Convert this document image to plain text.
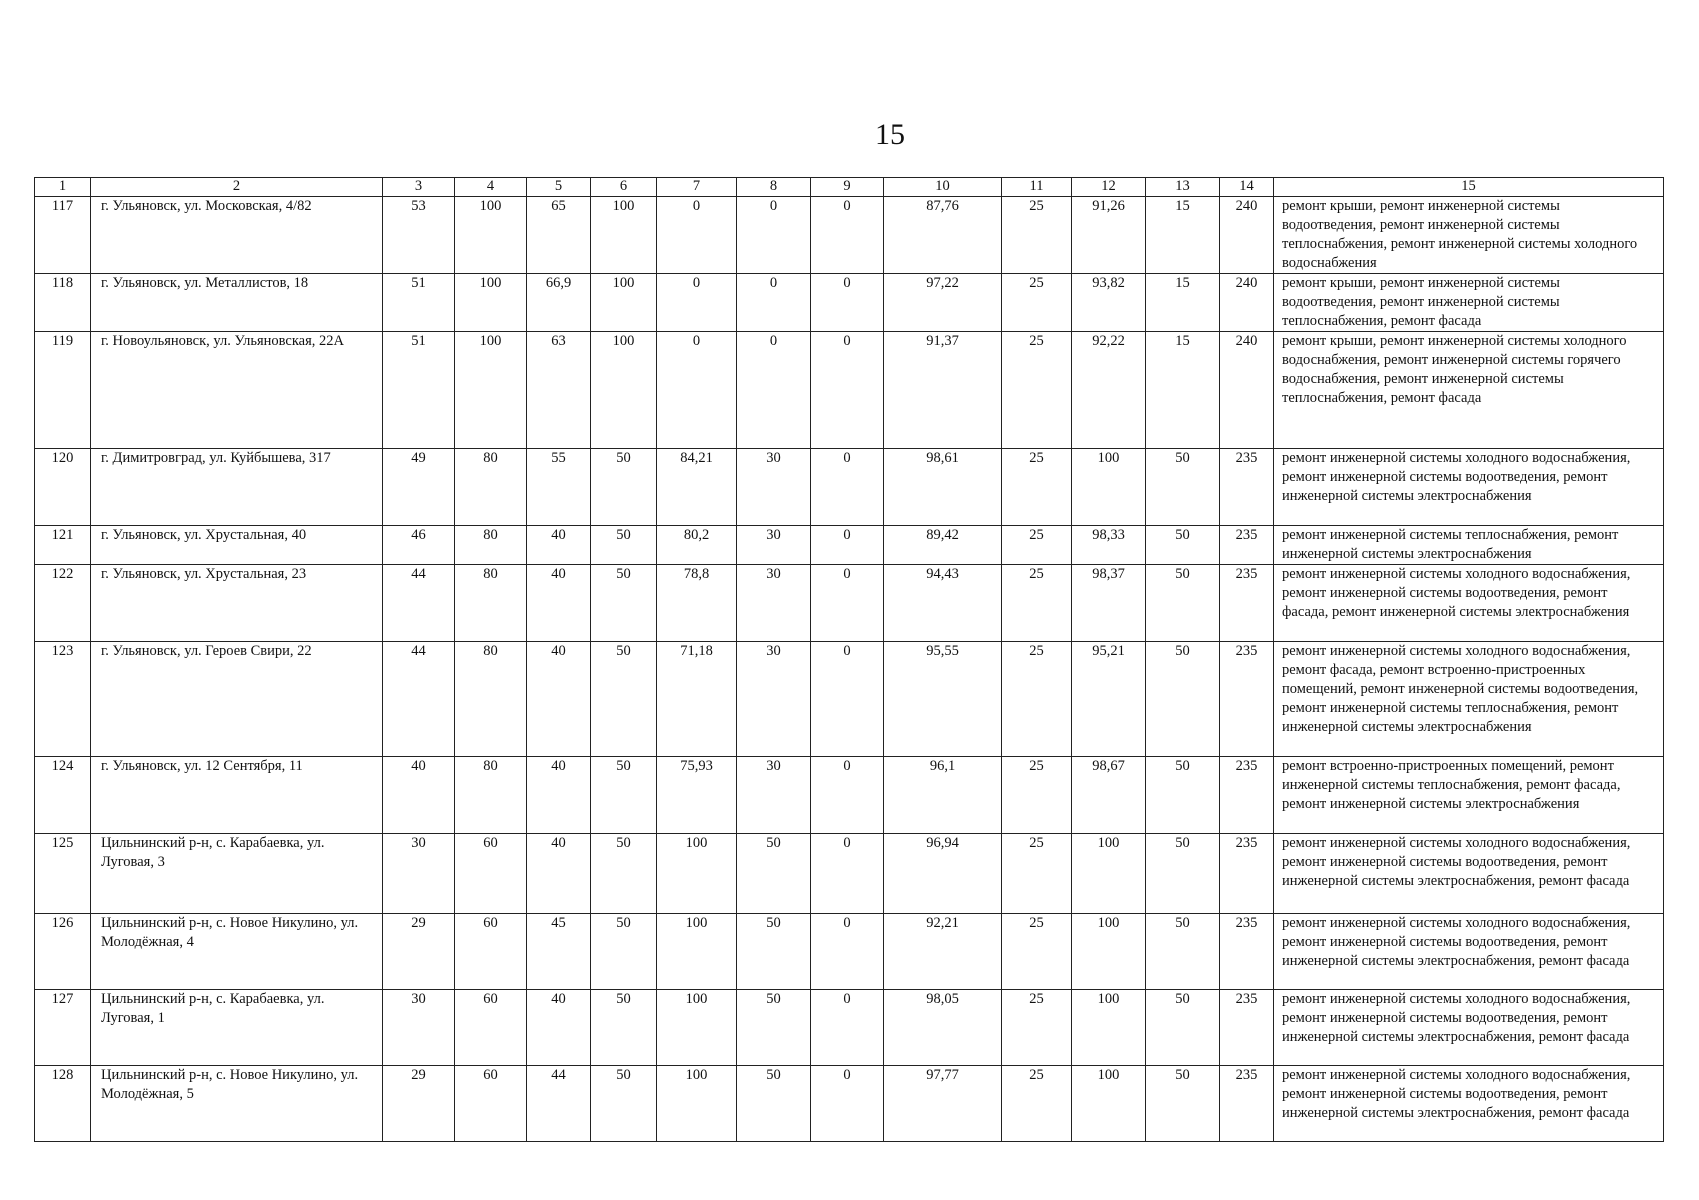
15
1	2	3	4	5	6	7	8	9	10	11	12	13	14	15
117	г. Ульяновск, ул. Московская, 4/82	53	100	65	100	0	0	0	87,76	25	91,26	15	240	ремонт крыши, ремонт инженерной системы водоотведения, ремонт инженерной системы теплоснабжения, ремонт инженерной системы холодного водоснабжения
118	г. Ульяновск, ул. Металлистов, 18	51	100	66,9	100	0	0	0	97,22	25	93,82	15	240	ремонт крыши, ремонт инженерной системы водоотведения, ремонт инженерной системы теплоснабжения, ремонт фасада
119	г. Новоульяновск, ул. Ульяновская, 22А	51	100	63	100	0	0	0	91,37	25	92,22	15	240	ремонт крыши, ремонт инженерной системы холодного водоснабжения, ремонт инженерной системы горячего водоснабжения, ремонт инженерной системы теплоснабжения, ремонт фасада
120	г. Димитровград, ул. Куйбышева, 317	49	80	55	50	84,21	30	0	98,61	25	100	50	235	ремонт инженерной системы холодного водоснабжения, ремонт инженерной системы водоотведения, ремонт инженерной системы электроснабжения
121	г. Ульяновск, ул. Хрустальная, 40	46	80	40	50	80,2	30	0	89,42	25	98,33	50	235	ремонт инженерной системы теплоснабжения, ремонт инженерной системы электроснабжения
122	г. Ульяновск, ул. Хрустальная, 23	44	80	40	50	78,8	30	0	94,43	25	98,37	50	235	ремонт инженерной системы холодного водоснабжения, ремонт инженерной системы водоотведения, ремонт фасада, ремонт инженерной системы электроснабжения
123	г. Ульяновск, ул. Героев Свири, 22	44	80	40	50	71,18	30	0	95,55	25	95,21	50	235	ремонт инженерной системы холодного водоснабжения, ремонт фасада, ремонт встроенно-пристроенных помещений, ремонт инженерной системы водоотведения, ремонт инженерной системы теплоснабжения, ремонт инженерной системы электроснабжения
124	г. Ульяновск, ул. 12 Сентября, 11	40	80	40	50	75,93	30	0	96,1	25	98,67	50	235	ремонт встроенно-пристроенных помещений, ремонт инженерной системы теплоснабжения, ремонт фасада, ремонт инженерной системы электроснабжения
125	Цильнинский р-н, с. Карабаевка, ул. Луговая, 3	30	60	40	50	100	50	0	96,94	25	100	50	235	ремонт инженерной системы холодного водоснабжения, ремонт инженерной системы водоотведения, ремонт инженерной системы электроснабжения, ремонт фасада
126	Цильнинский р-н, с. Новое Никулино, ул. Молодёжная, 4	29	60	45	50	100	50	0	92,21	25	100	50	235	ремонт инженерной системы холодного водоснабжения, ремонт инженерной системы водоотведения, ремонт инженерной системы электроснабжения, ремонт фасада
127	Цильнинский р-н, с. Карабаевка, ул. Луговая, 1	30	60	40	50	100	50	0	98,05	25	100	50	235	ремонт инженерной системы холодного водоснабжения, ремонт инженерной системы водоотведения, ремонт инженерной системы электроснабжения, ремонт фасада
128	Цильнинский р-н, с. Новое Никулино, ул. Молодёжная, 5	29	60	44	50	100	50	0	97,77	25	100	50	235	ремонт инженерной системы холодного водоснабжения, ремонт инженерной системы водоотведения, ремонт инженерной системы электроснабжения, ремонт фасада
